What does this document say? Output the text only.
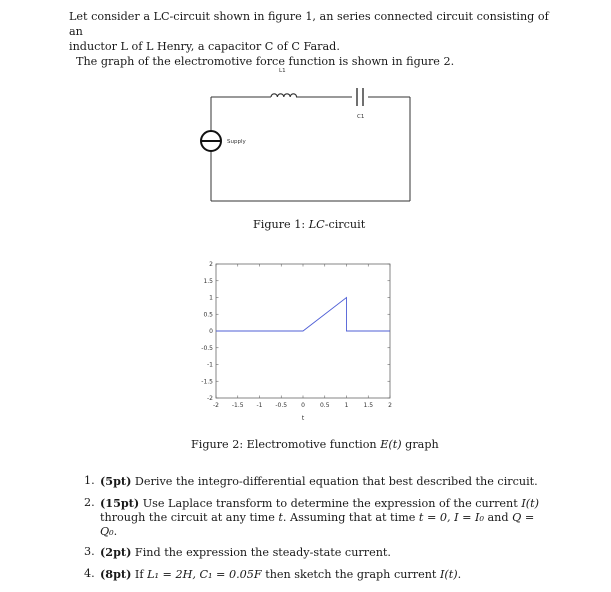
Let consider a LC-circuit shown in figure 1, an series connected circuit consisting of an

inductor L of L Henry, a capacitor C of C Farad.

The graph of the electromotive force function is shown in figure 2.

L1
C1
Supply
Figure 1: LC-circuit
-2 -1.5 -1 -0.5 0	0.5	1	1.5	2
-2
-1.5
-1
-0.5
0
0.5
1
1.5
2
t
Figure 2: Electromotive function E(t) graph
1. (5pt) Derive the integro-differential equation that best described the circuit.
2. (15pt) Use Laplace transform to determine the expression of the current I(t) through the circuit at any time t. Assuming that at time t = 0, I = I₀ and Q = Q₀.
3. (2pt) Find the expression the steady-state current.
4. (8pt) If L₁ = 2H, C₁ = 0.05F then sketch the graph current I(t).
